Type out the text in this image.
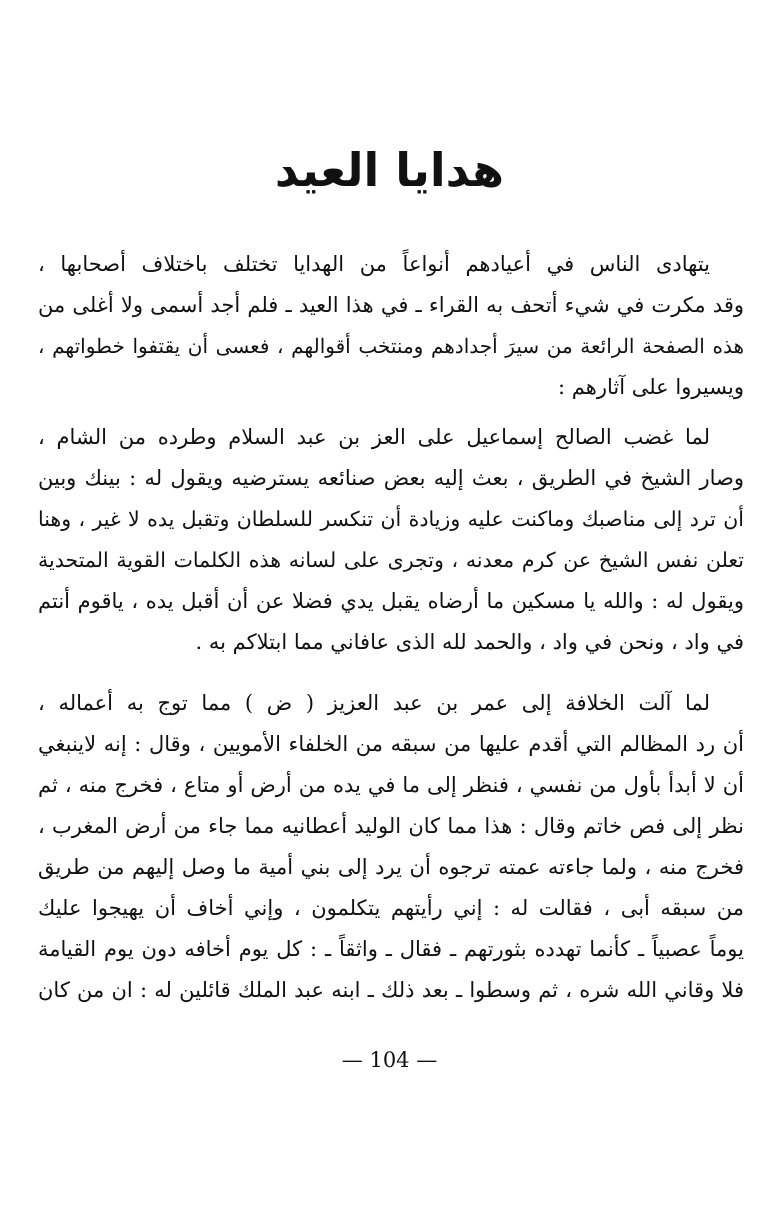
هدايا العيد
يتهادى الناس في أعيادهم أنواعاً من الهدايا تختلف باختلاف أصحابها ،
وقد مكرت في شيء أتحف به القراء ـ في هذا العيد ـ فلم أجد أسمى ولا أغلى من
هذه الصفحة الرائعة من سيرَ أجدادهم ومنتخب أقوالهم ، فعسى أن يقتفوا خطواتهم ،
ويسيروا على آثارهم :
لما غضب الصالح إسماعيل على العز بن عبد السلام وطرده من الشام ،
وصار الشيخ في الطريق ، بعث إليه بعض صنائعه يسترضيه ويقول له : بينك وبين
أن ترد إلى مناصبك وماكنت عليه وزيادة أن تنكسر للسلطان وتقبل يده لا غير ، وهنا
تعلن نفس الشيخ عن كرم معدنه ، وتجرى على لسانه هذه الكلمات القوية المتحدية
ويقول له : والله يا مسكين ما أرضاه يقبل يدي فضلا عن أن أقبل يده ، ياقوم أنتم
في واد ، ونحن في واد ، والحمد لله الذى عافاني مما ابتلاكم به .
لما آلت الخلافة إلى عمر بن عبد العزيز ( ض ) مما توج به أعماله ،
أن رد المظالم التي أقدم عليها من سبقه من الخلفاء الأمويين ، وقال : إنه لاينبغي
أن لا أبدأ بأول من نفسي ، فنظر إلى ما في يده من أرض أو متاع ، فخرج منه ، ثم
نظر إلى فص خاتم وقال : هذا مما كان الوليد أعطانيه مما جاء من أرض المغرب ،
فخرج منه ، ولما جاءته عمته ترجوه أن يرد إلى بني أمية ما وصل إليهم من طريق
من سبقه أبى ، فقالت له : إني رأيتهم يتكلمون ، وإني أخاف أن يهيجوا عليك
يوماً عصبياً ـ كأنما تهدده بثورتهم ـ فقال ـ واثقاً ـ : كل يوم أخافه دون يوم القيامة
فلا وقاني الله شره ، ثم وسطوا ـ بعد ذلك ـ ابنه عبد الملك قائلين له : ان من كان
— 104 —
